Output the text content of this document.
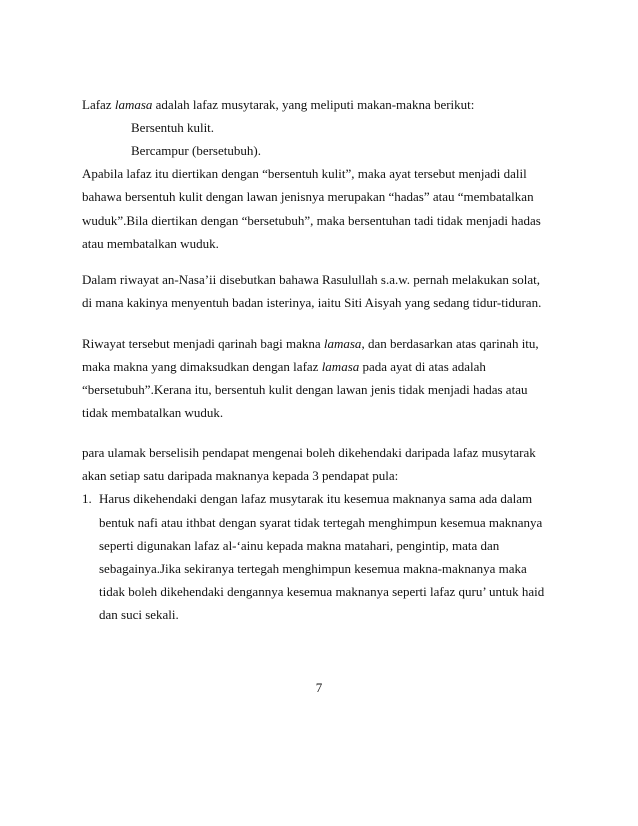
Lafaz lamasa adalah lafaz musytarak, yang meliputi makan-makna berikut:
Bersentuh kulit.
Bercampur (bersetubuh).
Apabila lafaz itu diertikan dengan “bersentuh kulit”, maka ayat tersebut menjadi dalil
bahawa bersentuh kulit dengan lawan jenisnya merupakan “hadas” atau “membatalkan
wuduk”.Bila diertikan dengan “bersetubuh”, maka bersentuhan tadi tidak menjadi hadas
atau membatalkan wuduk.
Dalam riwayat an-Nasa’ii disebutkan bahawa Rasulullah s.a.w. pernah melakukan solat,
di mana kakinya menyentuh badan isterinya, iaitu Siti Aisyah yang sedang tidur-tiduran.
Riwayat tersebut menjadi qarinah bagi makna lamasa, dan berdasarkan atas qarinah itu,
maka makna yang dimaksudkan dengan lafaz lamasa pada ayat di atas adalah
“bersetubuh”.Kerana itu, bersentuh kulit dengan lawan jenis tidak menjadi hadas atau
tidak membatalkan wuduk.
para ulamak berselisih pendapat mengenai boleh dikehendaki daripada lafaz musytarak
akan setiap satu daripada maknanya kepada 3 pendapat pula:
1. Harus dikehendaki dengan lafaz musytarak itu kesemua maknanya sama ada dalam
bentuk nafi atau ithbat dengan syarat tidak tertegah menghimpun kesemua maknanya
seperti digunakan lafaz al-‘ainu kepada makna matahari, pengintip, mata dan
sebagainya.Jika sekiranya tertegah menghimpun kesemua makna-maknanya maka
tidak boleh dikehendaki dengannya kesemua maknanya seperti lafaz quru’ untuk haid
dan suci sekali.
7
